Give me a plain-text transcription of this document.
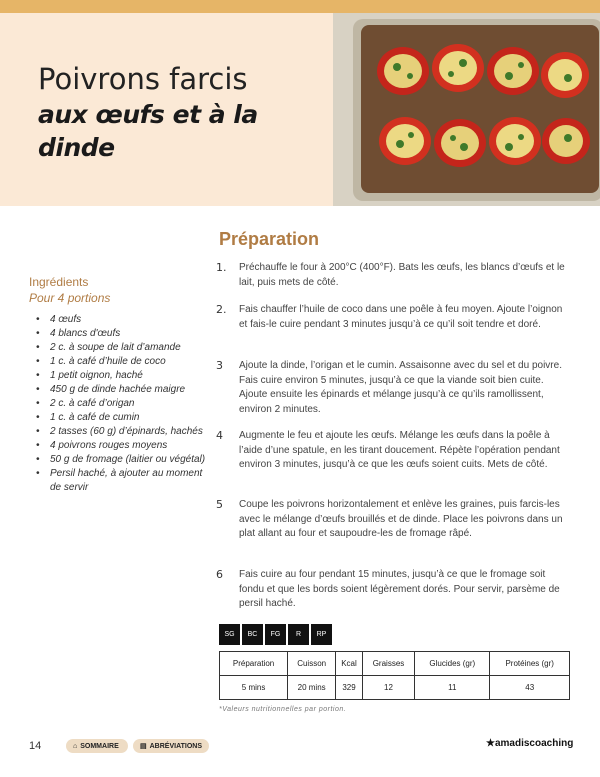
Poivrons farcis
aux œufs et à la dinde
Préparation
Ingrédients
Pour 4 portions
• 4 œufs
• 4 blancs d'œufs
• 2 c. à soupe de lait d’amande
• 1 c. à café d’huile de coco
• 1 petit oignon, haché
• 450 g de dinde hachée maigre
• 2 c. à café d’origan
• 1 c. à café de cumin
• 2 tasses (60 g) d’épinards, hachés
• 4 poivrons rouges moyens
• 50 g de fromage (laitier ou végétal)
• Persil haché, à ajouter au moment de servir
1. Préchauffe le four à 200°C (400°F). Bats les œufs, les blancs d’œufs et le lait, puis mets de côté.

2. Fais chauffer l’huile de coco dans une poêle à feu moyen. Ajoute l’oignon et fais-le cuire pendant 3 minutes jusqu’à ce qu’il soit tendre et doré.

3 Ajoute la dinde, l’origan et le cumin. Assaisonne avec du sel et du poivre. Fais cuire environ 5 minutes, jusqu’à ce que la viande soit bien cuite. Ajoute ensuite les épinards et mélange jusqu’à ce qu’ils ramollissent, environ 2 minutes.

4 Augmente le feu et ajoute les œufs. Mélange les œufs dans la poêle à l’aide d’une spatule, en les tirant doucement. Répète l’opération pendant environ 3 minutes, jusqu’à ce que les œufs soient cuits. Mets de côté.

5 Coupe les poivrons horizontalement et enlève les graines, puis farcis-les avec le mélange d’œufs brouillés et de dinde. Place les poivrons dans un plat allant au four et saupoudre-les de fromage râpé.

6 Fais cuire au four pendant 15 minutes, jusqu’à ce que le fromage soit fondu et que les bords soient légèrement dorés. Pour servir, parsème de persil haché.

SG	BC	FG	R	RP
Préparation	Cuisson	Kcal	Graisses	Glucides (gr)	Protéines (gr)
5 mins	20 mins	329	12	11	43
*Valeurs nutritionnelles par portion.
14	⌂ SOMMAIRE	▤ ABRÉVIATIONS	★amadiscoaching
